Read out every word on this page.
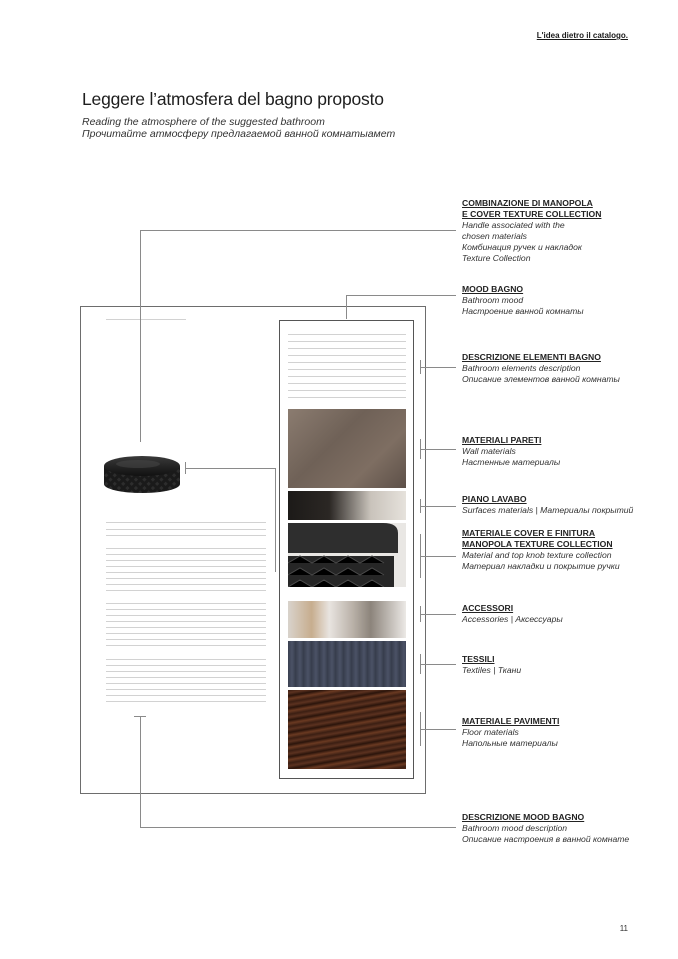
L'idea dietro il catalogo.
Leggere l’atmosfera del bagno proposto
Reading the atmosphere of the suggested bathroom
Прочитайте атмосферу предлагаемой ванной комнатыамет
COMBINAZIONE DI MANOPOLA
E COVER TEXTURE COLLECTION
Handle associated with the
chosen materials
Комбинация ручек и накладок
Texture Collection
MOOD BAGNO
Bathroom mood
Настроение ванной комнаты
DESCRIZIONE ELEMENTI BAGNO
Bathroom elements description
Описание элементов ванной комнаты
MATERIALI PARETI
Wall materials
Настенные материалы
PIANO LAVABO
Surfaces materials | Материалы покрытий
MATERIALE COVER E FINITURA
MANOPOLA TEXTURE COLLECTION
Material and top knob texture collection
Материал накладки и покрытие ручки
ACCESSORI
Accessories | Аксессуары
TESSILI
Textiles | Ткани
MATERIALE PAVIMENTI
Floor materials
Напольные материалы
DESCRIZIONE MOOD BAGNO
Bathroom mood description
Описание настроения в ванной комнате
11
